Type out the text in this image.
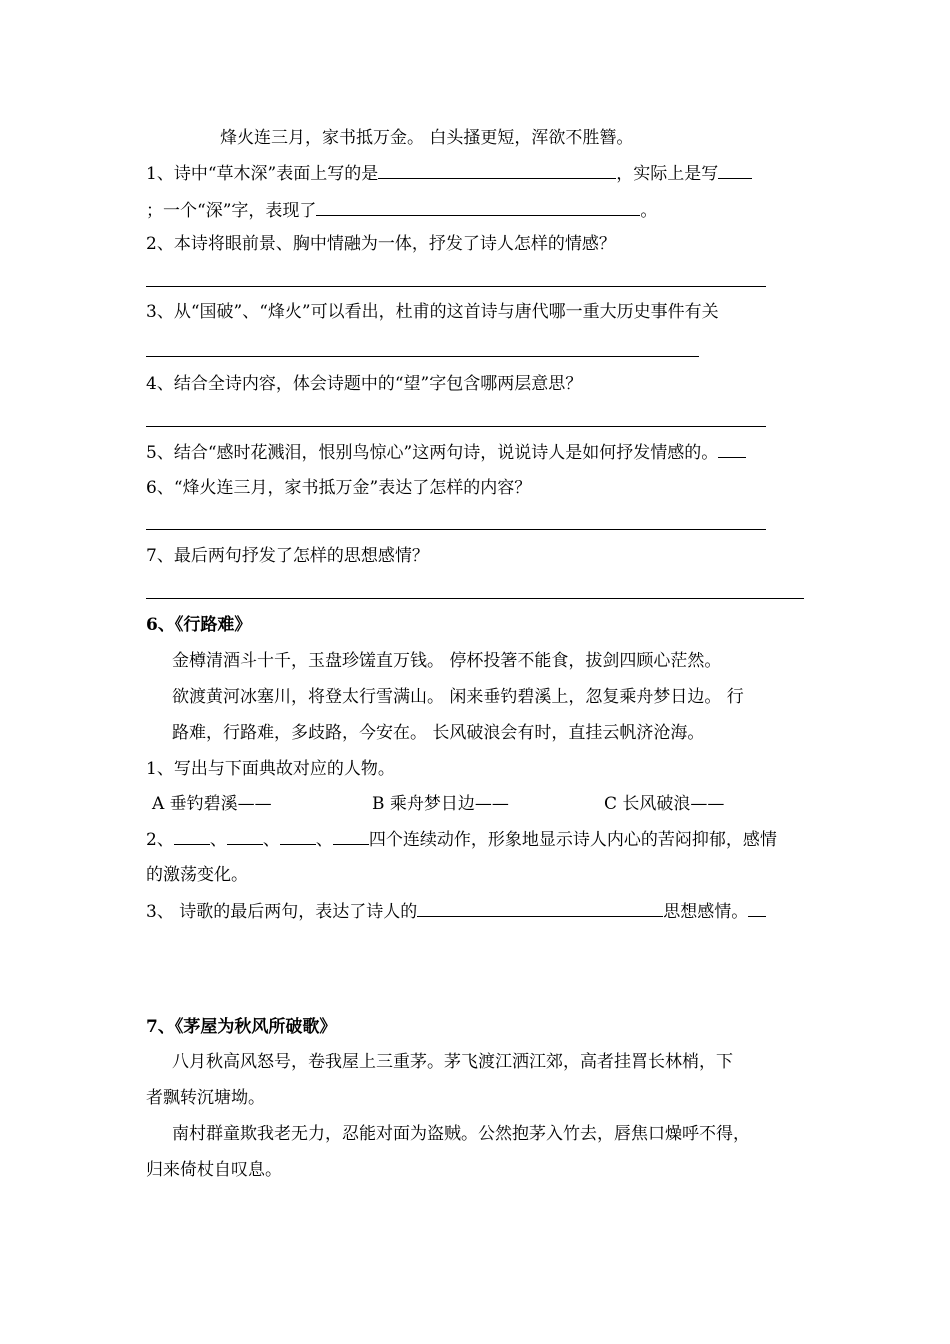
烽火连三月，家书抵万金。 白头搔更短，浑欲不胜簪。
1、诗中“草木深”表面上写的是	，实际上是写
；一个“深”字，表现了	。
2、本诗将眼前景、胸中情融为一体，抒发了诗人怎样的情感？
3、从“国破”、“烽火”可以看出，杜甫的这首诗与唐代哪一重大历史事件有关
4、结合全诗内容，体会诗题中的“望”字包含哪两层意思？
5、结合“感时花溅泪，恨别鸟惊心”这两句诗，说说诗人是如何抒发情感的。
6、“烽火连三月，家书抵万金”表达了怎样的内容？
7、最后两句抒发了怎样的思想感情？
6、《行路难》
金樽清酒斗十千，玉盘珍馐直万钱。 停杯投箸不能食，拔剑四顾心茫然。
欲渡黄河冰塞川，将登太行雪满山。 闲来垂钓碧溪上，忽复乘舟梦日边。 行
路难，行路难，多歧路，今安在。 长风破浪会有时，直挂云帆济沧海。
1、写出与下面典故对应的人物。
A 垂钓碧溪——	B 乘舟梦日边——	C 长风破浪——
2、 、 、 、 四个连续动作，形象地显示诗人内心的苦闷抑郁，感情
的激荡变化。
3、 诗歌的最后两句，表达了诗人的	思想感情。
7、《茅屋为秋风所破歌》
八月秋高风怒号，卷我屋上三重茅。茅飞渡江洒江郊，高者挂罥长林梢，下
者飘转沉塘坳。
南村群童欺我老无力，忍能对面为盗贼。公然抱茅入竹去，唇焦口燥呼不得，
归来倚杖自叹息。
